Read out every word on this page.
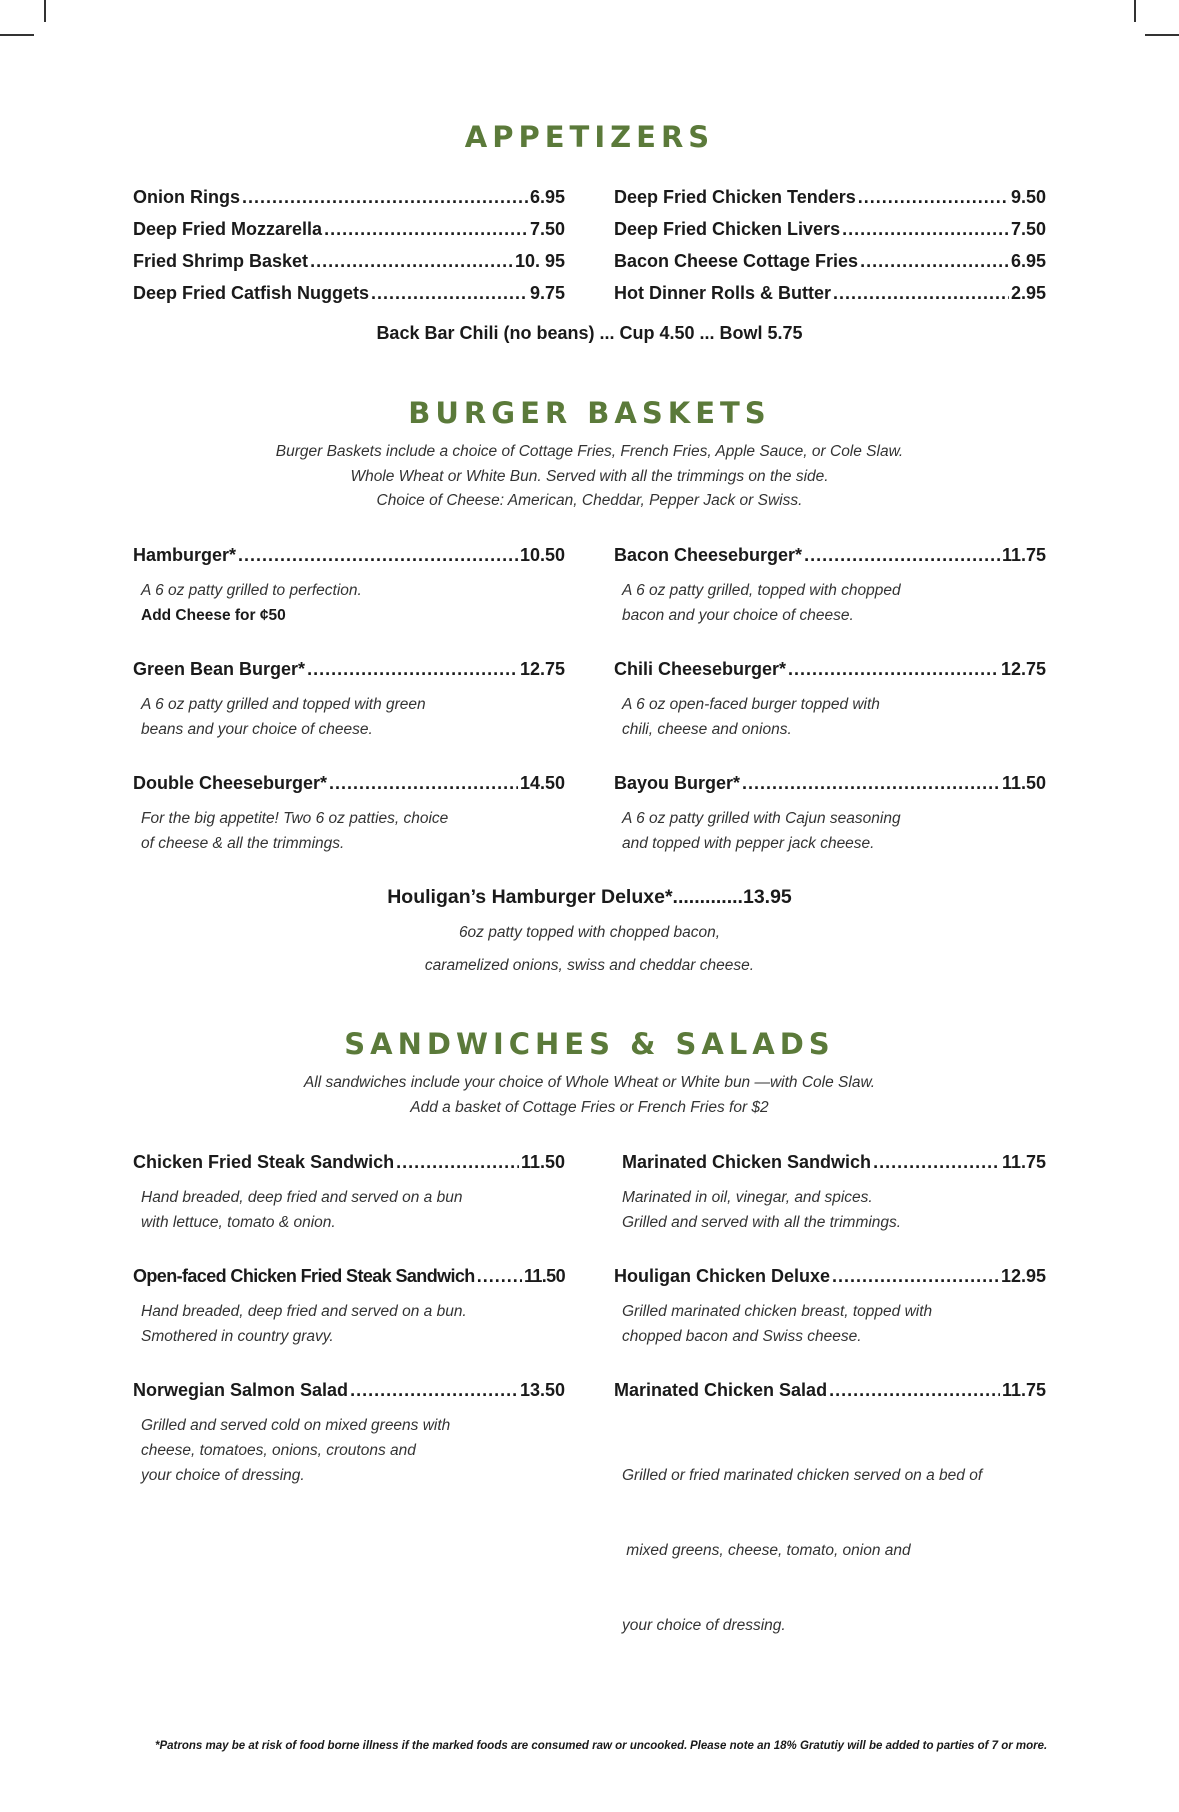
APPETIZERS
Onion Rings .....	6.95
Deep Fried Mozzarella .....	7.50
Fried Shrimp Basket .....	10. 95
Deep Fried Catfish Nuggets .....	9.75
Deep Fried Chicken Tenders .....	9.50
Deep Fried Chicken Livers .....	7.50
Bacon Cheese Cottage Fries .....	6.95
Hot Dinner Rolls & Butter .....	2.95
Back Bar Chili (no beans) ... Cup 4.50 ... Bowl 5.75
BURGER BASKETS
Burger Baskets include a choice of Cottage Fries, French Fries, Apple Sauce, or Cole Slaw.
Whole Wheat or White Bun. Served with all the trimmings on the side.
Choice of Cheese: American, Cheddar, Pepper Jack or Swiss.
Hamburger* .....	10.50
A 6 oz patty grilled to perfection.
Add Cheese for ¢50
Bacon Cheeseburger* .....	11.75
A 6 oz patty grilled, topped with chopped
bacon and your choice of cheese.
Green Bean Burger* .....	12.75
A 6 oz patty grilled and topped with green
beans and your choice of cheese.
Chili Cheeseburger* .....	12.75
A 6 oz open-faced burger topped with
chili, cheese and onions.
Double Cheeseburger* .....	14.50
For the big appetite! Two 6 oz patties, choice
of cheese & all the trimmings.
Bayou Burger* .....	11.50
A 6 oz patty grilled with Cajun seasoning
and topped with pepper jack cheese.
Houligan’s Hamburger Deluxe*.............13.95
6oz patty topped with chopped bacon,
caramelized onions, swiss and cheddar cheese.
SANDWICHES & SALADS
All sandwiches include your choice of Whole Wheat or White bun —with Cole Slaw.
Add a basket of Cottage Fries or French Fries for $2
Chicken Fried Steak Sandwich .....	11.50
Hand breaded, deep fried and served on a bun
with lettuce, tomato & onion.
Marinated Chicken Sandwich .....	11.75
Marinated in oil, vinegar, and spices.
Grilled and served with all the trimmings.
Open-faced Chicken Fried Steak Sandwich .....	11.50
Hand breaded, deep fried and served on a bun.
Smothered in country gravy.
Houligan Chicken Deluxe .....	12.95
Grilled marinated chicken breast, topped with
chopped bacon and Swiss cheese.
Norwegian Salmon Salad .....	13.50
Grilled and served cold on mixed greens with
cheese, tomatoes, onions, croutons and
your choice of dressing.
Marinated Chicken Salad .....	11.75

Grilled or fried marinated chicken served on a bed of

mixed greens, cheese, tomato, onion and

your choice of dressing.

*Patrons may be at risk of food borne illness if the marked foods are consumed raw or uncooked. Please note an 18% Gratutiy will be added to parties of 7 or more.
